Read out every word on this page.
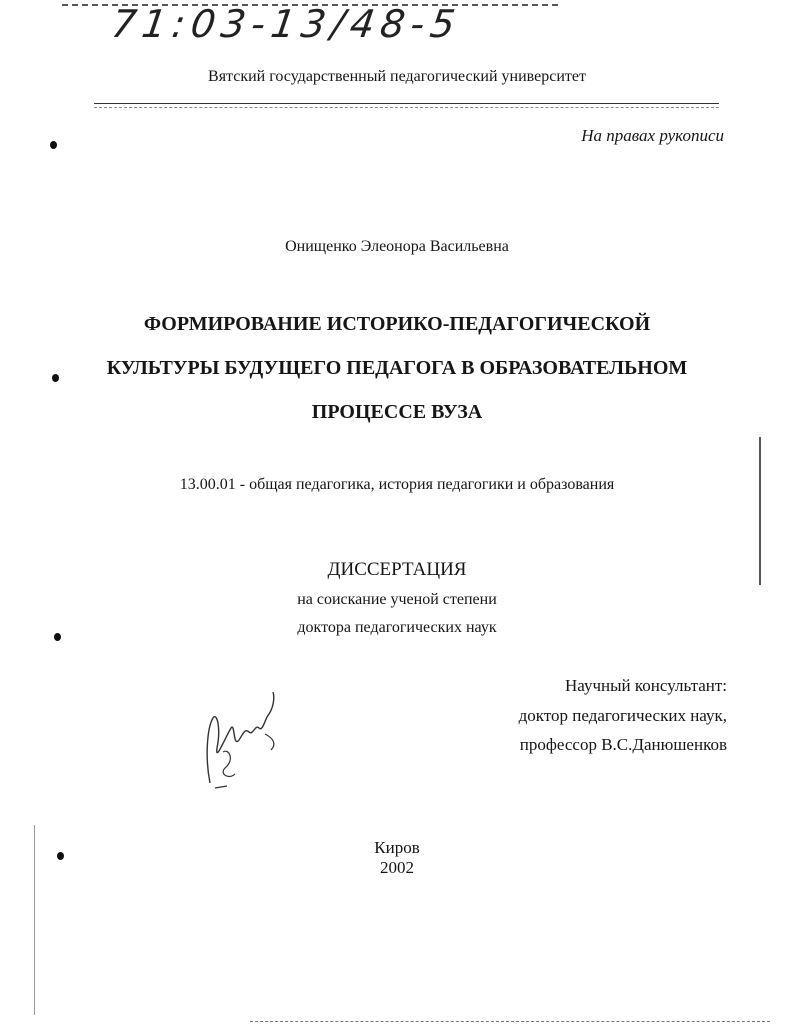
71:03-13/48-5
Вятский государственный педагогический университет
На правах рукописи
Онищенко Элеонора Васильевна
ФОРМИРОВАНИЕ ИСТОРИКО-ПЕДАГОГИЧЕСКОЙ
КУЛЬТУРЫ БУДУЩЕГО ПЕДАГОГА В ОБРАЗОВАТЕЛЬНОМ
ПРОЦЕССЕ ВУЗА
13.00.01 - общая педагогика, история педагогики и образования
ДИССЕРТАЦИЯ
на соискание ученой степени
доктора педагогических наук
Научный консультант:
доктор педагогических наук,
профессор В.С.Данюшенков
Киров
2002
